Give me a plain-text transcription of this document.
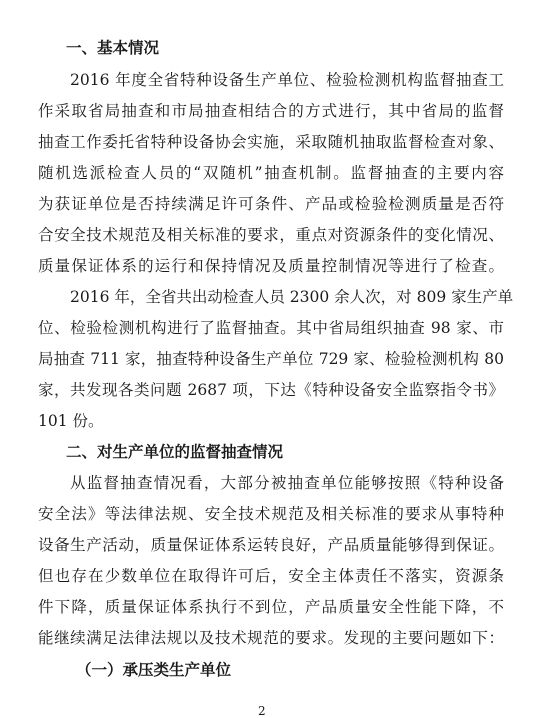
一、基本情况
2016 年度全省特种设备生产单位、检验检测机构监督抽查工
作采取省局抽查和市局抽查相结合的方式进行，其中省局的监督
抽查工作委托省特种设备协会实施，采取随机抽取监督检查对象、
随机选派检查人员的“双随机”抽查机制。监督抽查的主要内容
为获证单位是否持续满足许可条件、产品或检验检测质量是否符
合安全技术规范及相关标准的要求，重点对资源条件的变化情况、
质量保证体系的运行和保持情况及质量控制情况等进行了检查。
2016 年，全省共出动检查人员 2300 余人次，对 809 家生产单
位、检验检测机构进行了监督抽查。其中省局组织抽查 98 家、市
局抽查 711 家，抽查特种设备生产单位 729 家、检验检测机构 80
家，共发现各类问题 2687 项，下达《特种设备安全监察指令书》
101 份。
二、对生产单位的监督抽查情况
从监督抽查情况看，大部分被抽查单位能够按照《特种设备
安全法》等法律法规、安全技术规范及相关标准的要求从事特种
设备生产活动，质量保证体系运转良好，产品质量能够得到保证。
但也存在少数单位在取得许可后，安全主体责任不落实，资源条
件下降，质量保证体系执行不到位，产品质量安全性能下降，不
能继续满足法律法规以及技术规范的要求。发现的主要问题如下：
（一）承压类生产单位
2
